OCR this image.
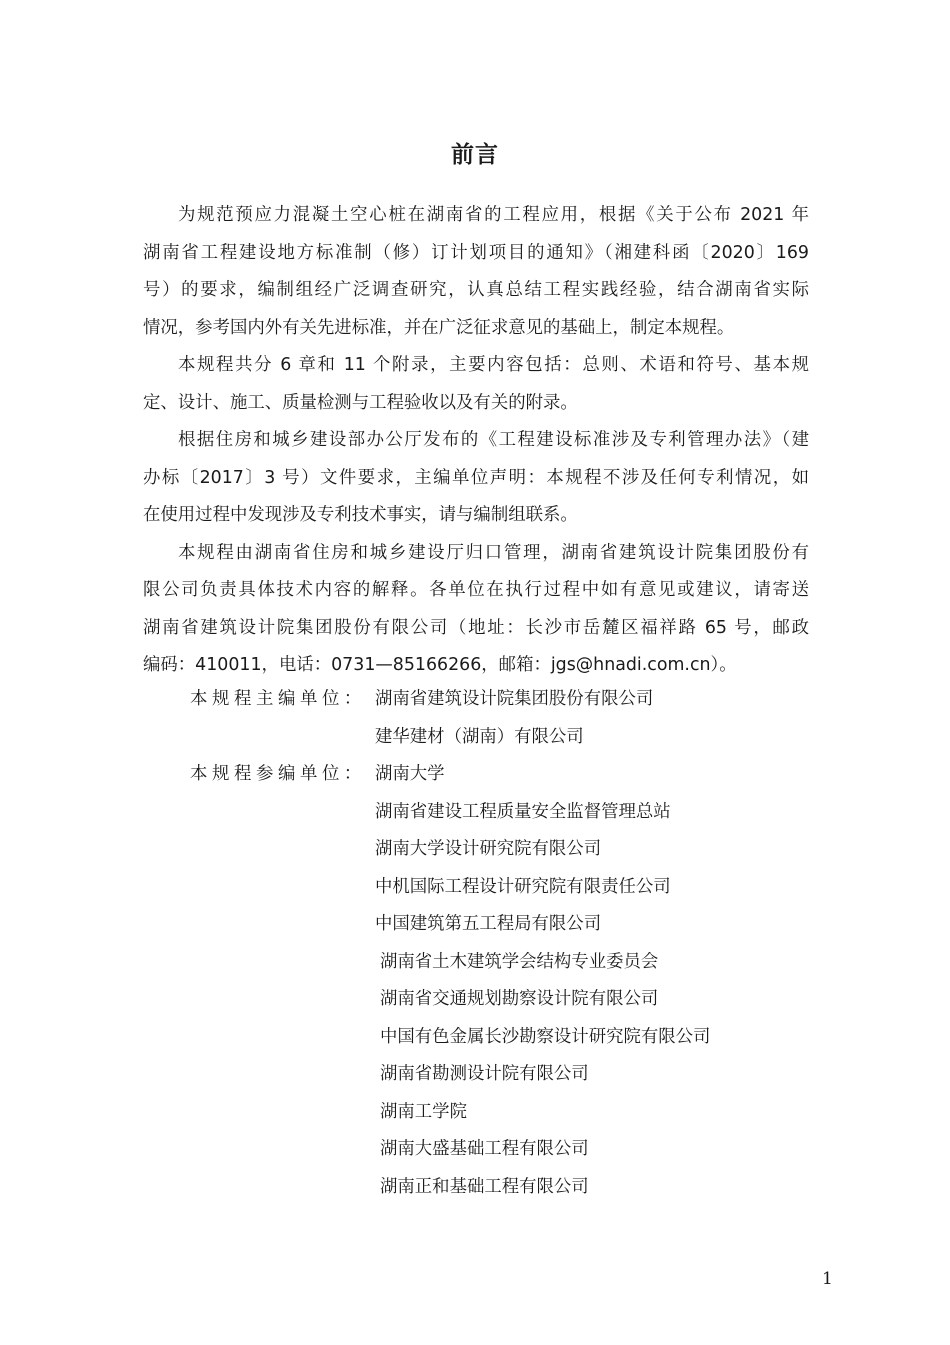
前言
为规范预应力混凝土空心桩在湖南省的工程应用，根据《关于公布 2021 年
湖南省工程建设地方标准制（修）订计划项目的通知》（湘建科函〔2020〕169
号）的要求，编制组经广泛调查研究，认真总结工程实践经验，结合湖南省实际
情况，参考国内外有关先进标准，并在广泛征求意见的基础上，制定本规程。
本规程共分 6 章和 11 个附录，主要内容包括：总则、术语和符号、基本规
定、设计、施工、质量检测与工程验收以及有关的附录。
根据住房和城乡建设部办公厅发布的《工程建设标准涉及专利管理办法》（建
办标〔2017〕3 号）文件要求，主编单位声明：本规程不涉及任何专利情况，如
在使用过程中发现涉及专利技术事实，请与编制组联系。
本规程由湖南省住房和城乡建设厅归口管理，湖南省建筑设计院集团股份有
限公司负责具体技术内容的解释。各单位在执行过程中如有意见或建议，请寄送
湖南省建筑设计院集团股份有限公司（地址：长沙市岳麓区福祥路 65 号，邮政
编码：410011，电话：0731—85166266，邮箱：jgs@hnadi.com.cn）。
本规程主编单位： 湖南省建筑设计院集团股份有限公司
建华建材（湖南）有限公司
本规程参编单位： 湖南大学
湖南省建设工程质量安全监督管理总站
湖南大学设计研究院有限公司
中机国际工程设计研究院有限责任公司
中国建筑第五工程局有限公司
湖南省土木建筑学会结构专业委员会
湖南省交通规划勘察设计院有限公司
中国有色金属长沙勘察设计研究院有限公司
湖南省勘测设计院有限公司
湖南工学院
湖南大盛基础工程有限公司
湖南正和基础工程有限公司
1
